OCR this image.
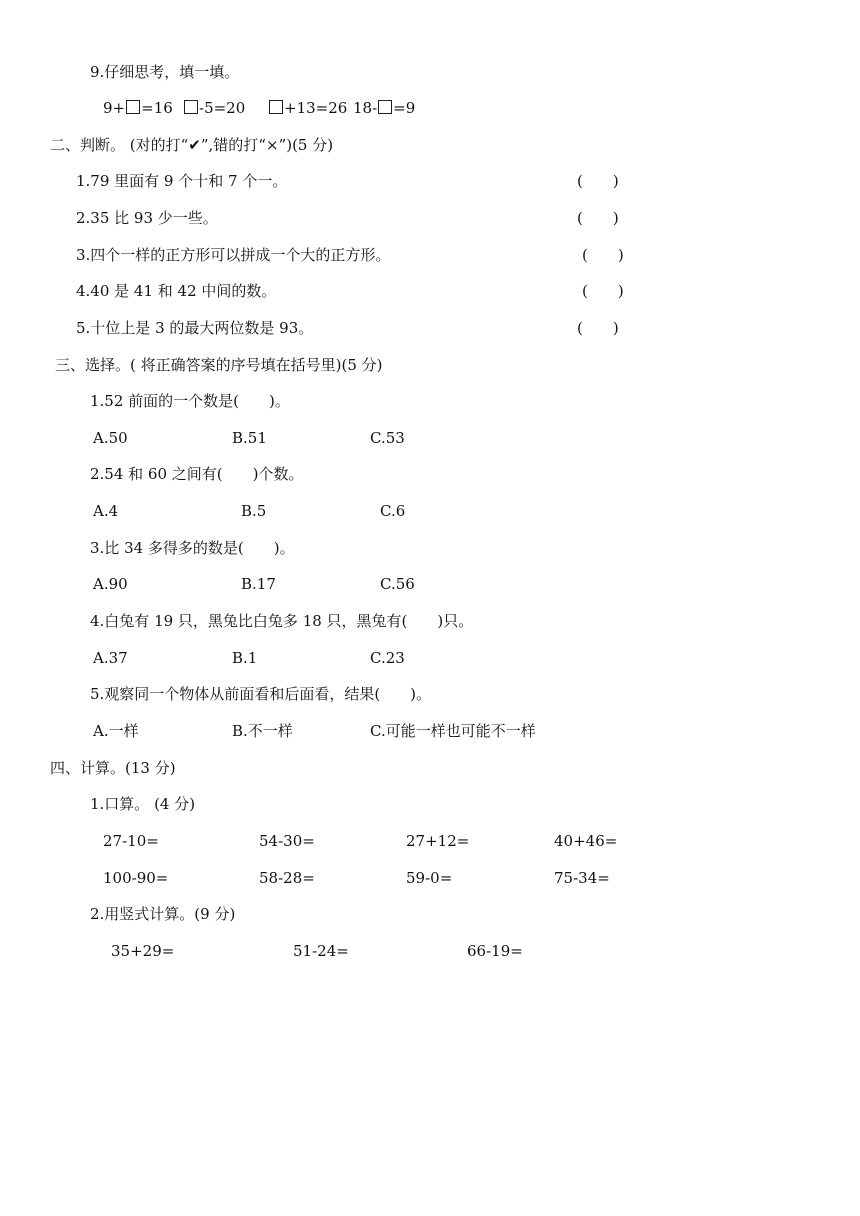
9.仔细思考，填一填。
9+ =16	-5=20	+13=26 18- =9
二、判断。 (对的打“✔”,错的打“×”)(5 分)
1.79 里面有 9 个十和 7 个一。	(　　)
2.35 比 93 少一些。	(　　)
3.四个一样的正方形可以拼成一个大的正方形。	(　　)
4.40 是 41 和 42 中间的数。	(　　)
5.十位上是 3 的最大两位数是 93。	(　　)
三、选择。( 将正确答案的序号填在括号里)(5 分)
1.52 前面的一个数是(　　)。
A.50	B.51	C.53
2.54 和 60 之间有(　　)个数。
A.4	B.5	C.6
3.比 34 多得多的数是(　　)。
A.90	B.17	C.56
4.白兔有 19 只，黑兔比白兔多 18 只，黑兔有(　　)只。
A.37	B.1	C.23
5.观察同一个物体从前面看和后面看，结果(　　)。
A.一样	B.不一样	C.可能一样也可能不一样
四、计算。(13 分)
1.口算。 (4 分)
27-10=	54-30=	27+12=	40+46=
100-90=	58-28=	59-0=	75-34=
2.用竖式计算。(9 分)
35+29=	51-24=	66-19=
